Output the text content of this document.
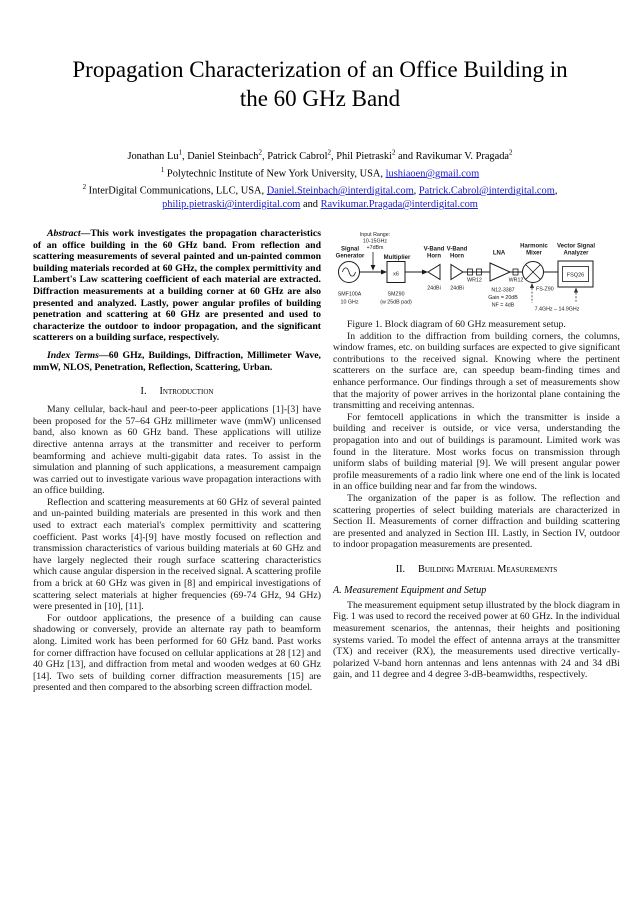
Propagation Characterization of an Office Building in
the 60 GHz Band
Jonathan Lu$^1$, Daniel Steinbach$^2$, Patrick Cabrol$^2$, Phil Pietraski$^2$ and Ravikumar V. Pragada$^2$
$^1$ Polytechnic Institute of New York University, USA, lushiaoen@gmail.com
$^2$ InterDigital Communications, LLC, USA, Daniel.Steinbach@interdigital.com, Patrick.Cabrol@interdigital.com,
philip.pietraski@interdigital.com and Ravikumar.Pragada@interdigital.com

Abstract—This work investigates the propagation characteristics of an office building in the 60 GHz band. From reflection and scattering measurements of several painted and un-painted common building materials recorded at 60 GHz, the complex permittivity and Lambert's Law scattering coefficient of each material are extracted. Diffraction measurements at a building corner at 60 GHz are also presented and analyzed. Lastly, power angular profiles of building penetration and scattering at 60 GHz are presented and used to characterize the outdoor to indoor propagation, and the significant scatterers on a building surface, respectively.

Index Terms—60 GHz, Buildings, Diffraction, Millimeter Wave, mmW, NLOS, Penetration, Reflection, Scattering, Urban.

I. Introduction

Many cellular, back-haul and peer-to-peer applications [1]-[3] have been proposed for the 57–64 GHz millimeter wave (mmW) unlicensed band, also known as 60 GHz band. These applications will utilize directive antenna arrays at the transmitter and receiver to perform beamforming and achieve multi-gigabit data rates. To assist in the simulation and planning of such applications, a measurement campaign was carried out to investigate various wave propagation interactions with an office building.

Reflection and scattering measurements at 60 GHz of several painted and un-painted building materials are presented in this work and then used to extract each material's complex permittivity and scattering coefficient. Past works [4]-[9] have mostly focused on reflection and transmission characteristics of various building materials at 60 GHz and have largely neglected their rough surface scattering characteristics which cause angular dispersion in the received signal. A scattering profile from a brick at 60 GHz was given in [8] and empirical investigations of scattering select materials at higher frequencies (69-74 GHz, 94 GHz) were presented in [10], [11].

For outdoor applications, the presence of a building can cause shadowing or conversely, provide an alternate ray path to beamform along. Limited work has been performed for 60 GHz band. Past works for corner diffraction have focused on cellular applications at 28 [12] and 40 GHz [13], and diffraction from metal and wooden wedges at 60 GHz [14]. Two sets of building corner diffraction measurements [15] are presented and then compared to the absorbing screen diffraction model.

Input Range:
10-15GHz
+7dBm
Signal
Generator
SMF100A
10 GHz
Multiplier
x6
SMZ90
(w 25dB pad)
V-Band
Horn
24dBi
V-Band
Horn
24dBi
WR12	WR12
LNA
N12-3387
Gain = 20dB
NF = 4dB
Harmonic
Mixer
FS-Z90
Vector Signal
Analyzer
FSQ26
7.4GHz – 14.9GHz

Figure 1. Block diagram of 60 GHz measurement setup.

In addition to the diffraction from building corners, the columns, window frames, etc. on building surfaces are expected to give significant contributions to the received signal. Knowing where the pertinent scatterers on the surface are, can speedup beam-finding times and enhance performance. Our findings through a set of measurements show that the majority of power arrives in the horizontal plane containing the transmitting and receiving antennas.

For femtocell applications in which the transmitter is inside a building and receiver is outside, or vice versa, understanding the propagation into and out of buildings is paramount. Limited work was found in the literature. Most works focus on transmission through uniform slabs of building material [9]. We will present angular power profile measurements of a radio link where one end of the link is located in an office building near and far from the windows.

The organization of the paper is as follow. The reflection and scattering properties of select building materials are characterized in Section II. Measurements of corner diffraction and building scattering are presented and analyzed in Section III. Lastly, in Section IV, outdoor to indoor propagation measurements are presented.

II. Building Material Measurements
A. Measurement Equipment and Setup

The measurement equipment setup illustrated by the block diagram in Fig. 1 was used to record the received power at 60 GHz. In the individual measurement scenarios, the antennas, their heights and positioning systems varied. To model the effect of antenna arrays at the transmitter (TX) and receiver (RX), the measurements used directive vertically-polarized V-band horn antennas and lens antennas with 24 and 34 dBi gain, and 11 degree and 4 degree 3-dB-beamwidths, respectively.
